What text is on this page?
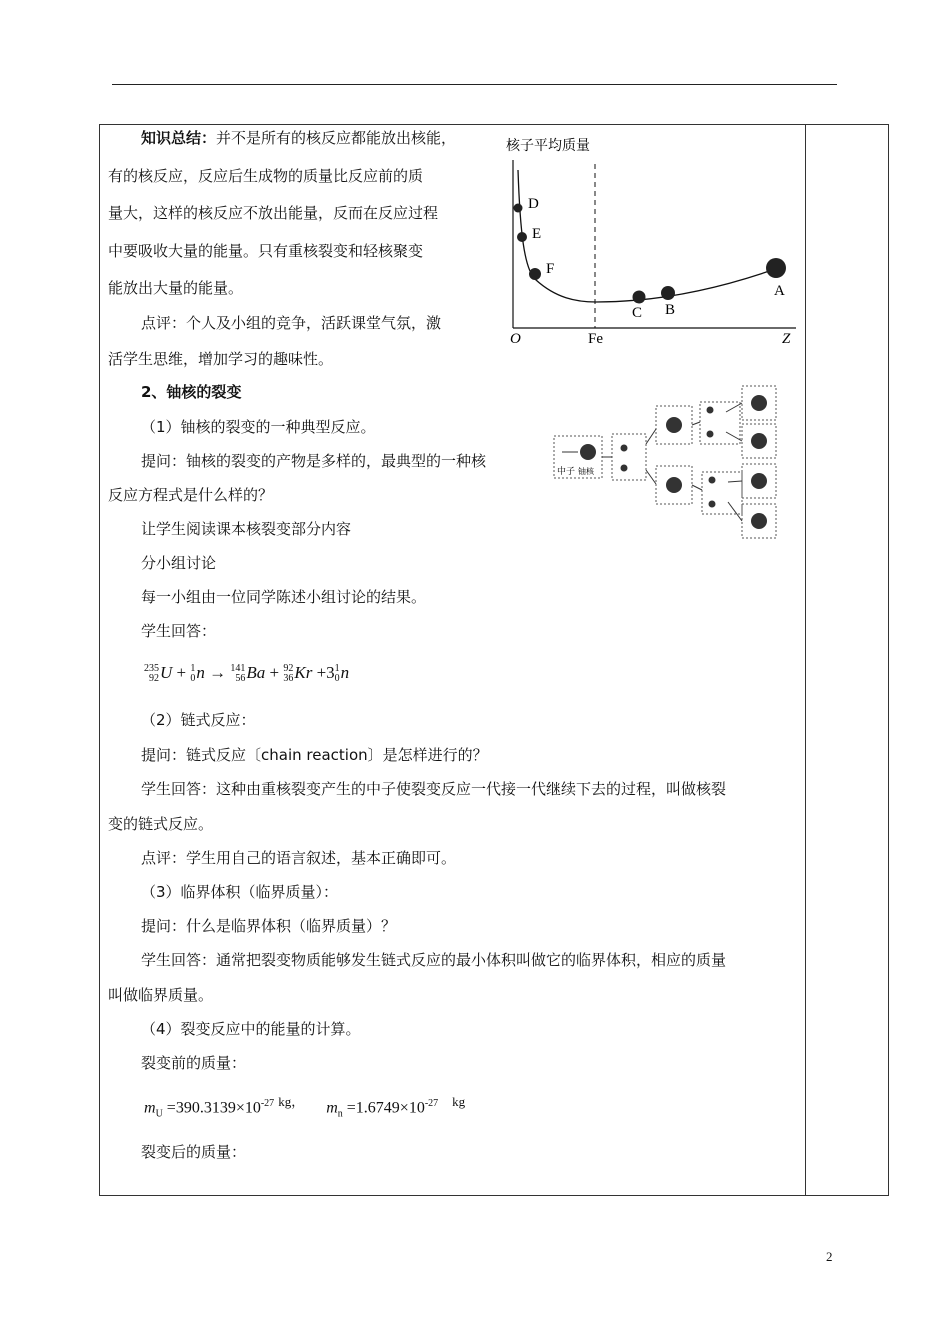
知识总结：并不是所有的核反应都能放出核能，
有的核反应，反应后生成物的质量比反应前的质
量大，这样的核反应不放出能量，反而在反应过程
中要吸收大量的能量。只有重核裂变和轻核聚变
能放出大量的能量。
点评：个人及小组的竞争，活跃课堂气氛，激
活学生思维，增加学习的趣味性。
核子平均质量
D
E
F
C B
A
O	Fe	Z
2、铀核的裂变
（1）铀核的裂变的一种典型反应。
提问：铀核的裂变的产物是多样的，最典型的一种核
反应方程式是什么样的？
让学生阅读课本核裂变部分内容
分小组讨论
每一小组由一位同学陈述小组讨论的结果。
学生回答：
中子 铀核
235
92 U + 1
0 n → 141
56 Ba + 92
36 Kr +3 1
0 n
（2）链式反应：
提问：链式反应〔chain reaction〕是怎样进行的？
学生回答：这种由重核裂变产生的中子使裂变反应一代接一代继续下去的过程，叫做核裂
变的链式反应。
点评：学生用自己的语言叙述，基本正确即可。
（3）临界体积（临界质量）：
提问：什么是临界体积（临界质量）？
学生回答：通常把裂变物质能够发生链式反应的最小体积叫做它的临界体积，相应的质量
叫做临界质量。
（4）裂变反应中的能量的计算。
裂变前的质量：
$m_U =390.3139\times 10^{-27}$ $^{kg,}$ $m_n =1.6749\times 10^{-27}$ $^{kg}$
裂变后的质量：
2
